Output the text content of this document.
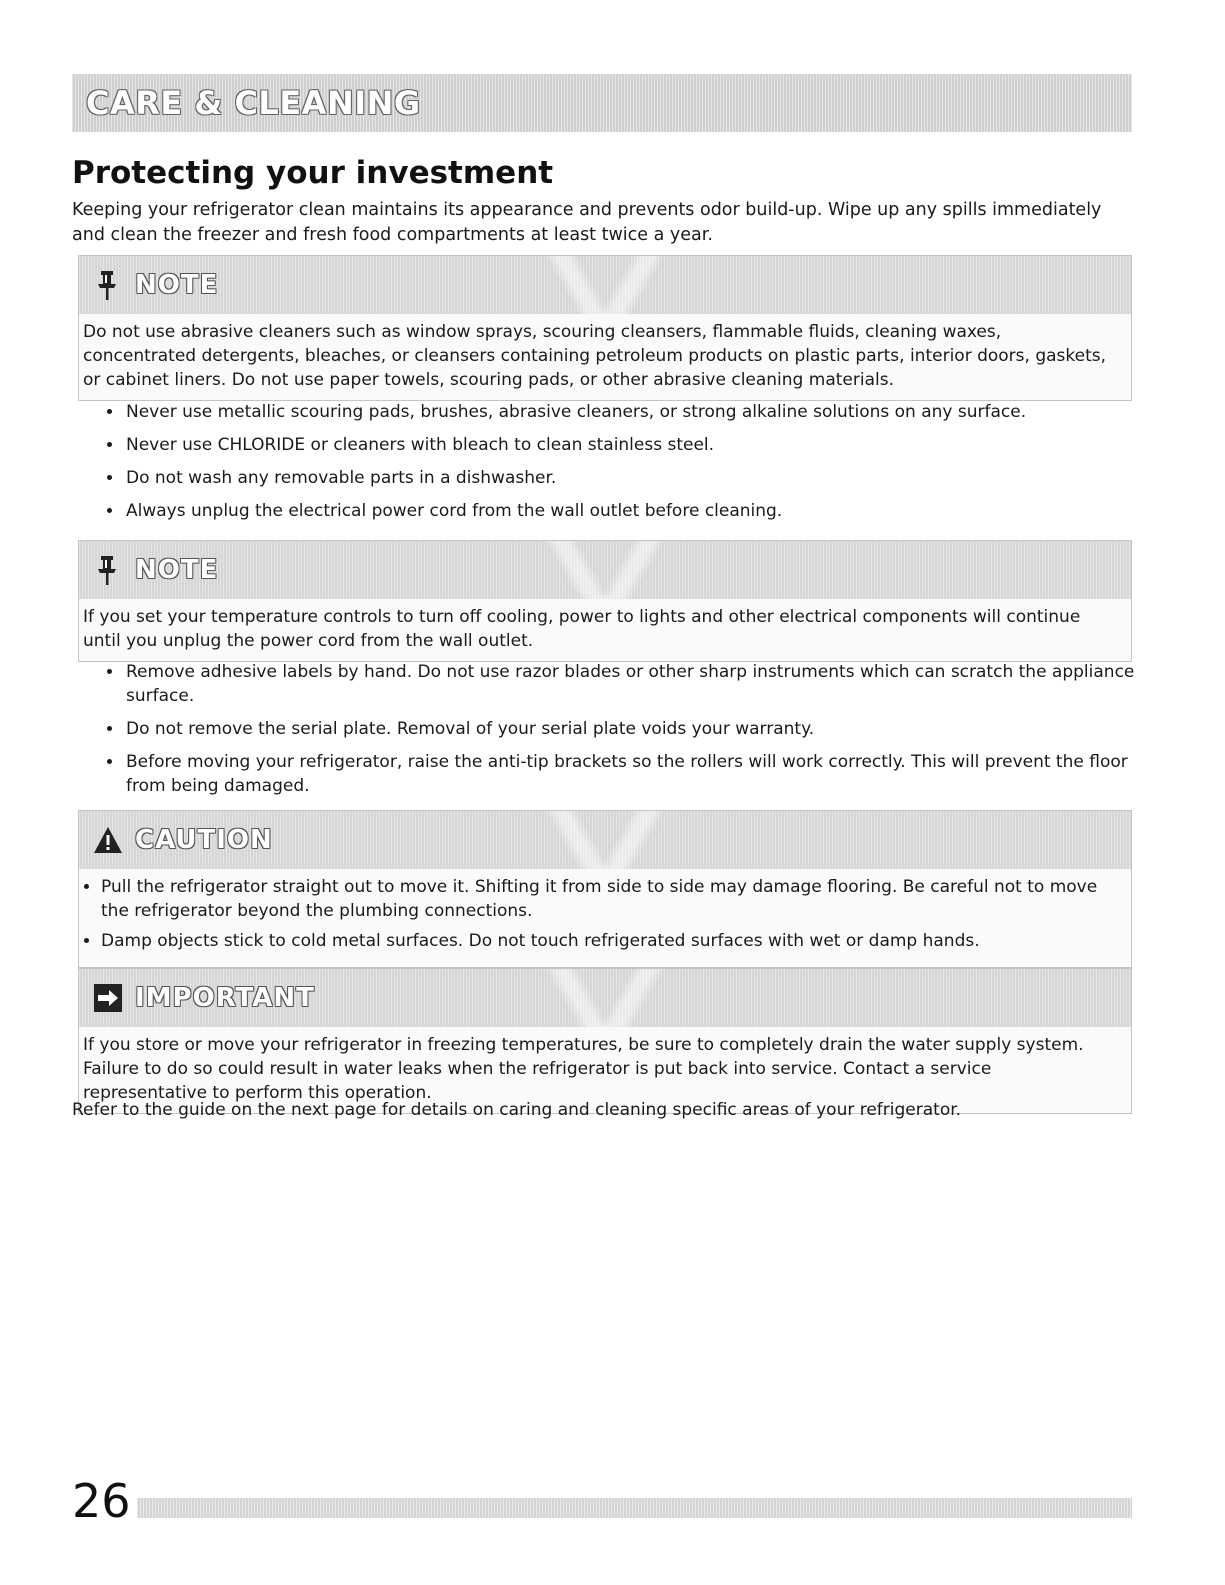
CARE & CLEANING
Protecting your investment

Keeping your refrigerator clean maintains its appearance and prevents odor build-up. Wipe up any spills immediately and clean the freezer and fresh food compartments at least twice a year.

NOTE

Do not use abrasive cleaners such as window sprays, scouring cleansers, flammable fluids, cleaning waxes, concentrated detergents, bleaches, or cleansers containing petroleum products on plastic parts, interior doors, gaskets, or cabinet liners. Do not use paper towels, scouring pads, or other abrasive cleaning materials.

• Never use metallic scouring pads, brushes, abrasive cleaners, or strong alkaline solutions on any surface.
• Never use CHLORIDE or cleaners with bleach to clean stainless steel.
• Do not wash any removable parts in a dishwasher.
• Always unplug the electrical power cord from the wall outlet before cleaning.
NOTE

If you set your temperature controls to turn off cooling, power to lights and other electrical components will continue until you unplug the power cord from the wall outlet.

• Remove adhesive labels by hand. Do not use razor blades or other sharp instruments which can scratch the appliance surface.
• Do not remove the serial plate. Removal of your serial plate voids your warranty.
• Before moving your refrigerator, raise the anti-tip brackets so the rollers will work correctly. This will prevent the floor from being damaged.
CAUTION
• Pull the refrigerator straight out to move it. Shifting it from side to side may damage flooring. Be careful not to move the refrigerator beyond the plumbing connections.
• Damp objects stick to cold metal surfaces. Do not touch refrigerated surfaces with wet or damp hands.
IMPORTANT

If you store or move your refrigerator in freezing temperatures, be sure to completely drain the water supply system. Failure to do so could result in water leaks when the refrigerator is put back into service. Contact a service representative to perform this operation.

Refer to the guide on the next page for details on caring and cleaning specific areas of your refrigerator.

26
